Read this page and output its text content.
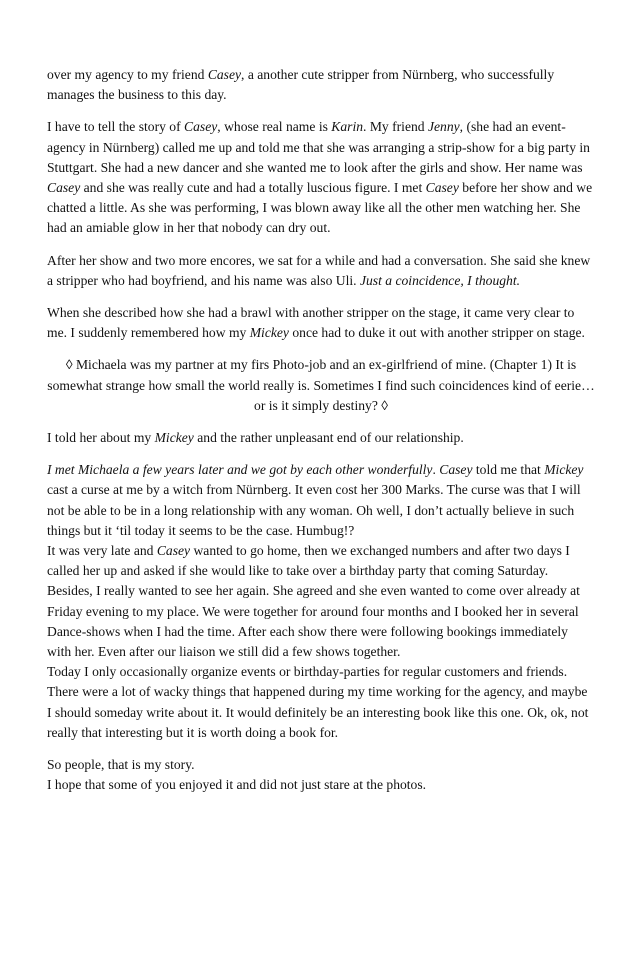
over my agency to my friend Casey, a another cute stripper from Nürnberg, who successfully manages the business to this day.

I have to tell the story of Casey, whose real name is Karin. My friend Jenny, (she had an event-agency in Nürnberg) called me up and told me that she was arranging a strip-show for a big party in Stuttgart. She had a new dancer and she wanted me to look after the girls and show. Her name was Casey and she was really cute and had a totally luscious figure. I met Casey before her show and we chatted a little. As she was performing, I was blown away like all the other men watching her. She had an amiable glow in her that nobody can dry out.

After her show and two more encores, we sat for a while and had a conversation. She said she knew a stripper who had boyfriend, and his name was also Uli. Just a coincidence, I thought.

When she described how she had a brawl with another stripper on the stage, it came very clear to me. I suddenly remembered how my Mickey once had to duke it out with another stripper on stage.

◊ Michaela was my partner at my firs Photo-job and an ex-girlfriend of mine. (Chapter 1) It is somewhat strange how small the world really is. Sometimes I find such coincidences kind of eerie… or is it simply destiny? ◊

I told her about my Mickey and the rather unpleasant end of our relationship.

I met Michaela a few years later and we got by each other wonderfully. Casey told me that Mickey cast a curse at me by a witch from Nürnberg. It even cost her 300 Marks. The curse was that I will not be able to be in a long relationship with any woman. Oh well, I don’t actually believe in such things but it ‘til today it seems to be the case. Humbug!?

It was very late and Casey wanted to go home, then we exchanged numbers and after two days I called her up and asked if she would like to take over a birthday party that coming Saturday. Besides, I really wanted to see her again. She agreed and she even wanted to come over already at Friday evening to my place. We were together for around four months and I booked her in several Dance-shows when I had the time. After each show there were following bookings immediately with her. Even after our liaison we still did a few shows together.

Today I only occasionally organize events or birthday-parties for regular customers and friends. There were a lot of wacky things that happened during my time working for the agency, and maybe I should someday write about it. It would definitely be an interesting book like this one. Ok, ok, not really that interesting but it is worth doing a book for.

So people, that is my story.

I hope that some of you enjoyed it and did not just stare at the photos.
